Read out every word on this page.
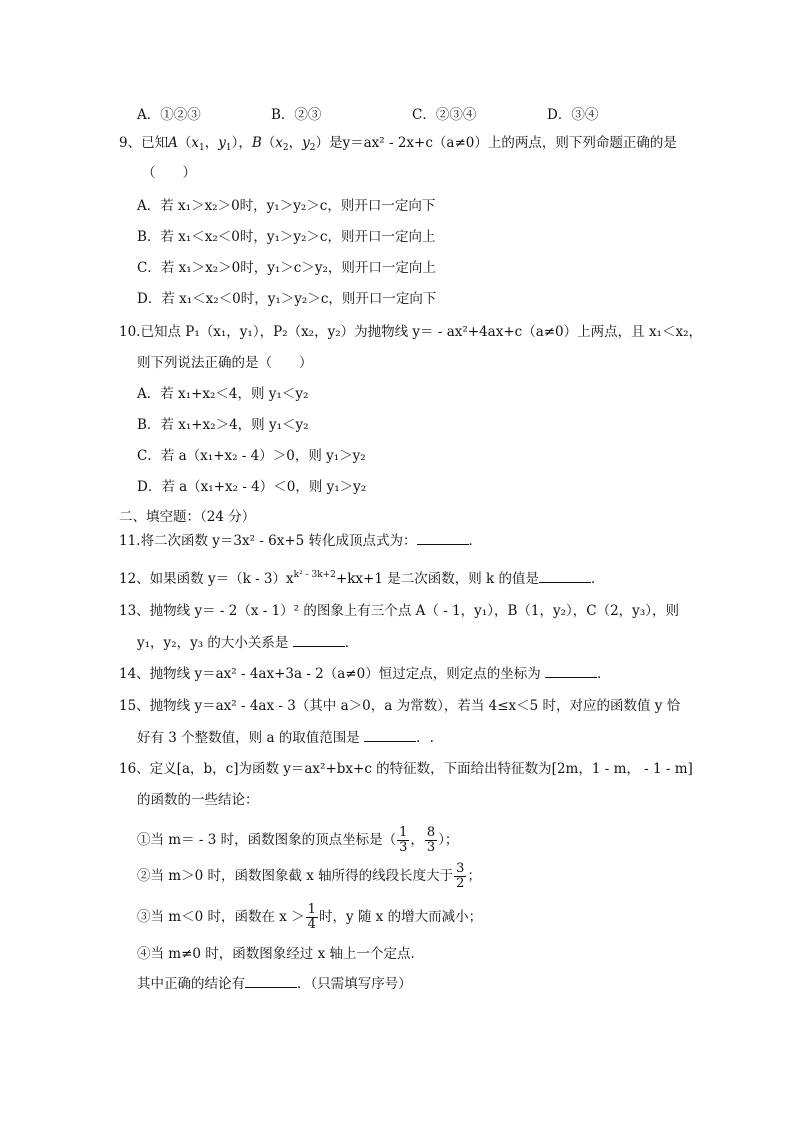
A．①②③	B．②③	C．②③④	D．③④
9、已知$A(x_1$，$y_1$），$B(x_2$，$y_2$）是y＝ax² - 2x+c（a≠0）上的两点，则下列命题正确的是
（　　）
A．若 x₁＞x₂＞0时，y₁＞y₂＞c，则开口一定向下
B．若 x₁＜x₂＜0时，y₁＞y₂＞c，则开口一定向上
C．若 x₁＞x₂＞0时，y₁＞c＞y₂，则开口一定向上
D．若 x₁＜x₂＜0时，y₁＞y₂＞c，则开口一定向下
10.已知点 P₁（x₁，y₁），P₂（x₂，y₂）为抛物线 y＝ - ax²+4ax+c（a≠0）上两点，且 x₁＜x₂，
则下列说法正确的是（　　）
A．若 x₁+x₂＜4，则 y₁＜y₂
B．若 x₁+x₂＞4，则 y₁＜y₂
C．若 a（x₁+x₂ - 4）＞0，则 y₁＞y₂
D．若 a（x₁+x₂ - 4）＜0，则 y₁＞y₂
二、填空题：（24 分）
11.将二次函数 y＝3x² - 6x+5 转化成顶点式为：	．
12、如果函数 $y=(k - 3)x^{k^2 - 3k+2}+kx+1$ 是二次函数，则 k 的值是	．
13、抛物线 y＝ - 2（x - 1）² 的图象上有三个点 A（ - 1，y₁），B（1，y₂），C（2，y₃），则
y₁，y₂，y₃ 的大小关系是	．
14、抛物线 y＝ax² - 4ax+3a - 2（a≠0）恒过定点，则定点的坐标为	．
15、抛物线 y＝ax² - 4ax - 3（其中 a＞0，a 为常数），若当 4≤x＜5 时，对应的函数值 y 恰
好有 3 个整数值，则 a 的取值范围是	．.
16、定义[a，b，c]为函数 y＝ax²+bx+c 的特征数，下面给出特征数为[2m，1 - m， - 1 - m]
的函数的一些结论：
①当 m＝ - 3 时，函数图象的顶点坐标是（ $\frac{1}{3}$ ， $\frac{8}{3}$ ）；
②当 m＞0 时，函数图象截 x 轴所得的线段长度大于 $\frac{3}{2}$ ；
③当 m＜0 时，函数在 $x > \frac{1}{4}$ 时，y 随 x 的增大而减小；
④当 m≠0 时，函数图象经过 x 轴上一个定点．
其中正确的结论有	．（只需填写序号）
